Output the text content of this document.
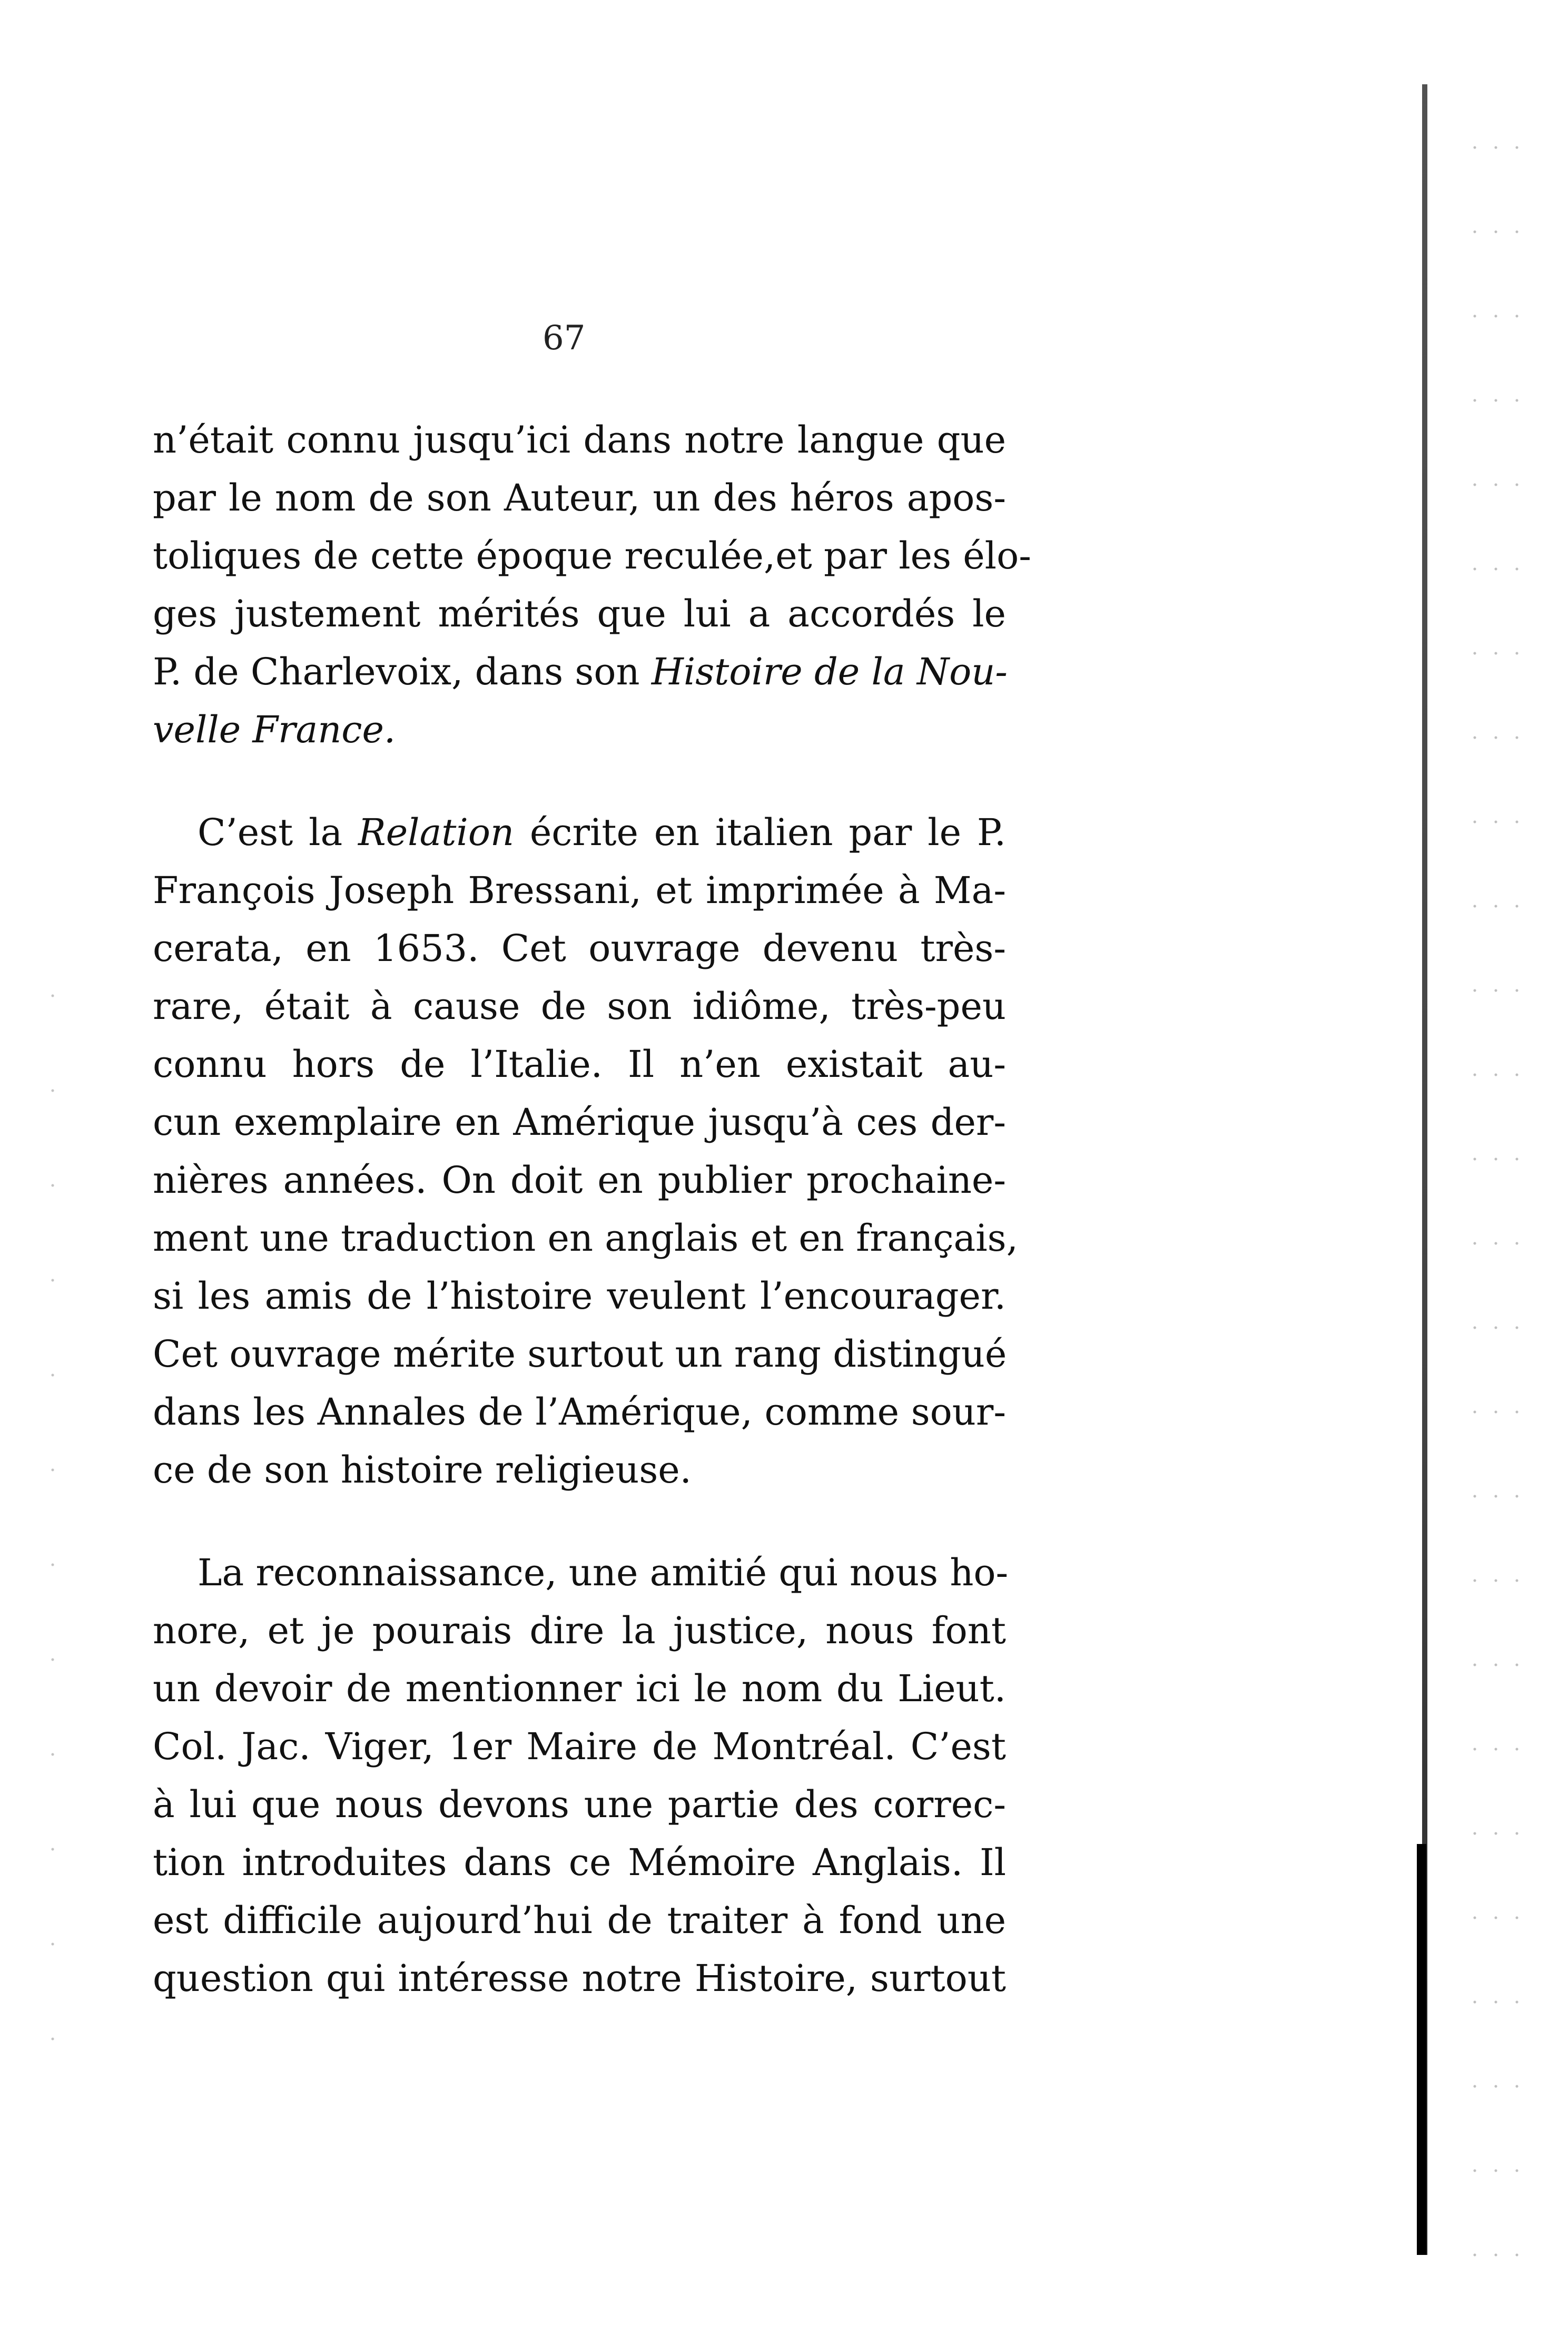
67
n’était connu jusqu’ici dans notre langue que
par le nom de son Auteur, un des héros apos-
toliques de cette époque reculée,et par les élo-
ges justement mérités que lui a accordés le
P. de Charlevoix, dans son Histoire de la Nou-
velle France.
C’est la Relation écrite en italien par le P.
François Joseph Bressani, et imprimée à Ma-
cerata, en 1653. Cet ouvrage devenu très-
rare, était à cause de son idiôme, très-peu
connu hors de l’Italie. Il n’en existait au-
cun exemplaire en Amérique jusqu’à ces der-
nières années. On doit en publier prochaine-
ment une traduction en anglais et en français,
si les amis de l’histoire veulent l’encourager.
Cet ouvrage mérite surtout un rang distingué
dans les Annales de l’Amérique, comme sour-
ce de son histoire religieuse.
La reconnaissance, une amitié qui nous ho-
nore, et je pourais dire la justice, nous font
un devoir de mentionner ici le nom du Lieut.
Col. Jac. Viger, 1er Maire de Montréal. C’est
à lui que nous devons une partie des correc-
tion introduites dans ce Mémoire Anglais. Il
est difficile aujourd’hui de traiter à fond une
question qui intéresse notre Histoire, surtout
